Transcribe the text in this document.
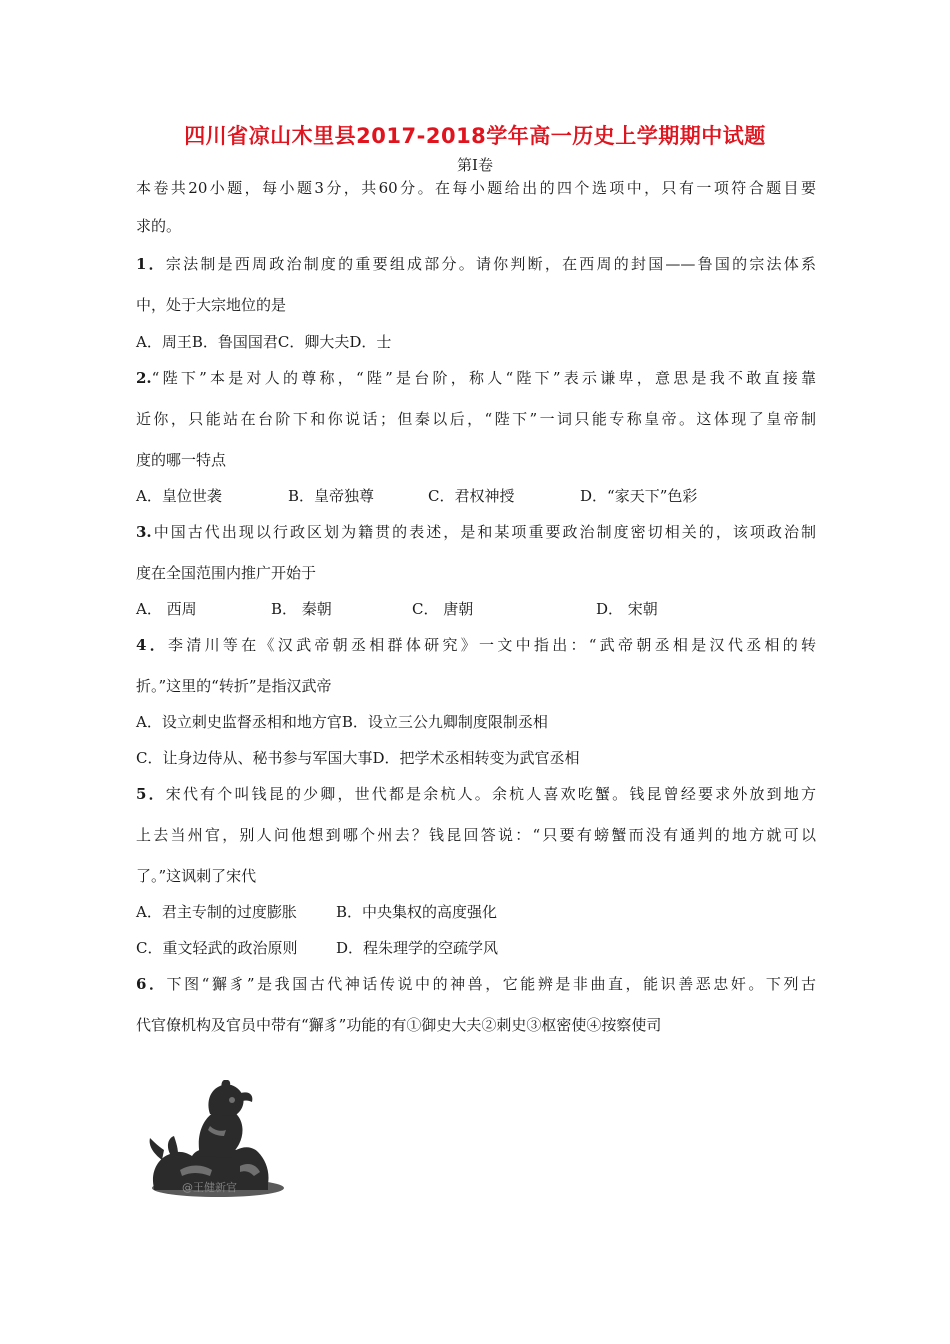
四川省凉山木里县2017-2018学年高一历史上学期期中试题
第Ⅰ卷
本卷共20小题，每小题3分，共60分。在每小题给出的四个选项中，只有一项符合题目要
求的。
1．宗法制是西周政治制度的重要组成部分。请你判断，在西周的封国——鲁国的宗法体系
中，处于大宗地位的是
A．周王B．鲁国国君C．卿大夫D．士
2.“陛下”本是对人的尊称，“陛”是台阶，称人“陛下”表示谦卑，意思是我不敢直接靠
近你，只能站在台阶下和你说话；但秦以后，“陛下”一词只能专称皇帝。这体现了皇帝制
度的哪一特点
A．皇位世袭	B．皇帝独尊	C．君权神授	D．“家天下”色彩
3.中国古代出现以行政区划为籍贯的表述，是和某项重要政治制度密切相关的，该项政治制
度在全国范围内推广开始于
A． 西周	B． 秦朝	C． 唐朝	D． 宋朝
4．李清川等在《汉武帝朝丞相群体研究》一文中指出：“武帝朝丞相是汉代丞相的转
折。”这里的“转折”是指汉武帝
A．设立刺史监督丞相和地方官B．设立三公九卿制度限制丞相
C．让身边侍从、秘书参与军国大事D．把学术丞相转变为武官丞相
5．宋代有个叫钱昆的少卿，世代都是余杭人。余杭人喜欢吃蟹。钱昆曾经要求外放到地方
上去当州官，别人问他想到哪个州去？钱昆回答说：“只要有螃蟹而没有通判的地方就可以
了。”这讽刺了宋代
A．君主专制的过度膨胀	B．中央集权的高度强化
C．重文轻武的政治原则	D．程朱理学的空疏学风
6．下图“獬豸”是我国古代神话传说中的神兽，它能辨是非曲直，能识善恶忠奸。下列古
代官僚机构及官员中带有“獬豸”功能的有①御史大夫②刺史③枢密使④按察使司
@王健新官
